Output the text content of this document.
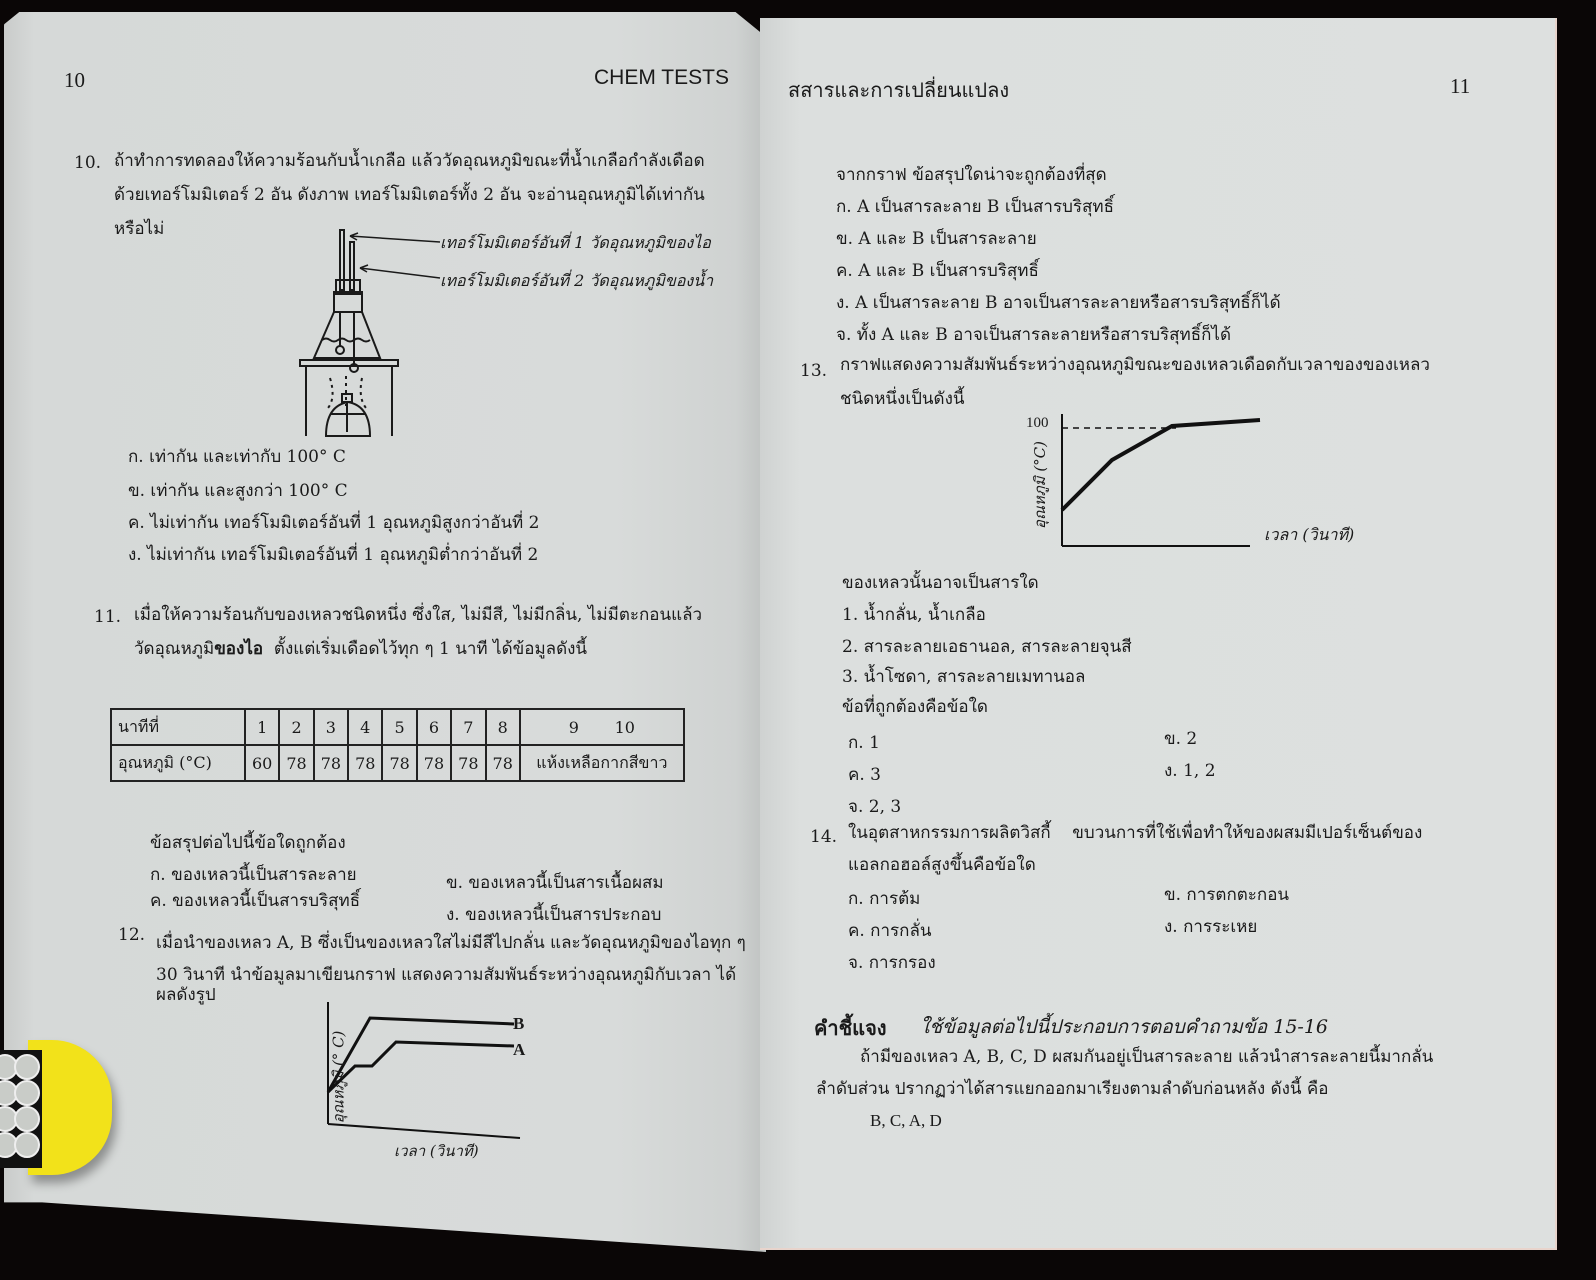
10	CHEM TESTS
10. ถ้าทำการทดลองให้ความร้อนกับน้ำเกลือ แล้ววัดอุณหภูมิขณะที่น้ำเกลือกำลังเดือด
ด้วยเทอร์โมมิเตอร์ 2 อัน ดังภาพ เทอร์โมมิเตอร์ทั้ง 2 อัน จะอ่านอุณหภูมิได้เท่ากัน
หรือไม่
เทอร์โมมิเตอร์อันที่ 1 วัดอุณหภูมิของไอ
เทอร์โมมิเตอร์อันที่ 2 วัดอุณหภูมิของน้ำ
ก. เท่ากัน และเท่ากับ 100° C
ข. เท่ากัน และสูงกว่า 100° C
ค. ไม่เท่ากัน เทอร์โมมิเตอร์อันที่ 1 อุณหภูมิสูงกว่าอันที่ 2
ง. ไม่เท่ากัน เทอร์โมมิเตอร์อันที่ 1 อุณหภูมิต่ำกว่าอันที่ 2
11. เมื่อให้ความร้อนกับของเหลวชนิดหนึ่ง ซึ่งใส, ไม่มีสี, ไม่มีกลิ่น, ไม่มีตะกอนแล้ว
วัดอุณหภูมิของไอ ตั้งแต่เริ่มเดือดไว้ทุก ๆ 1 นาที ได้ข้อมูลดังนี้
นาทีที่	1	2	3	4	5	6	7	8	9       10
อุณหภูมิ (°C)	60	78	78	78	78	78	78	78	แห้งเหลือกากสีขาว
ข้อสรุปต่อไปนี้ข้อใดถูกต้อง
ก. ของเหลวนี้เป็นสารละลาย	ข. ของเหลวนี้เป็นสารเนื้อผสม
ค. ของเหลวนี้เป็นสารบริสุทธิ์
ง. ของเหลวนี้เป็นสารประกอบ
12. เมื่อนำของเหลว A, B ซึ่งเป็นของเหลวใสไม่มีสีไปกลั่น และวัดอุณหภูมิของไอทุก ๆ
30 วินาที นำข้อมูลมาเขียนกราฟ แสดงความสัมพันธ์ระหว่างอุณหภูมิกับเวลา ได้
ผลดังรูป
B
A
อุณหภูมิ (° C)
เวลา (วินาที)
สสารและการเปลี่ยนแปลง	11
จากกราฟ ข้อสรุปใดน่าจะถูกต้องที่สุด
ก. A เป็นสารละลาย B เป็นสารบริสุทธิ์
ข. A และ B เป็นสารละลาย
ค. A และ B เป็นสารบริสุทธิ์
ง. A เป็นสารละลาย B อาจเป็นสารละลายหรือสารบริสุทธิ์ก็ได้
จ. ทั้ง A และ B อาจเป็นสารละลายหรือสารบริสุทธิ์ก็ได้
13. กราฟแสดงความสัมพันธ์ระหว่างอุณหภูมิขณะของเหลวเดือดกับเวลาของของเหลว
ชนิดหนึ่งเป็นดังนี้
100
อุณหภูมิ (°C)
เวลา (วินาที)
ของเหลวนั้นอาจเป็นสารใด
1. น้ำกลั่น, น้ำเกลือ
2. สารละลายเอธานอล, สารละลายจุนสี
3. น้ำโซดา, สารละลายเมทานอล
ข้อที่ถูกต้องคือข้อใด
ก. 1	ข. 2
ค. 3	ง. 1, 2
จ. 2, 3
14. ในอุตสาหกรรมการผลิตวิสกี้    ขบวนการที่ใช้เพื่อทำให้ของผสมมีเปอร์เซ็นต์ของ
แอลกอฮอล์สูงขึ้นคือข้อใด
ก. การต้ม	ข. การตกตะกอน
ค. การกลั่น	ง. การระเหย
จ. การกรอง
คำชี้แจง ใช้ข้อมูลต่อไปนี้ประกอบการตอบคำถามข้อ 15-16
ถ้ามีของเหลว A, B, C, D ผสมกันอยู่เป็นสารละลาย แล้วนำสารละลายนี้มากลั่น
ลำดับส่วน ปรากฏว่าได้สารแยกออกมาเรียงตามลำดับก่อนหลัง ดังนี้ คือ
B, C, A, D
